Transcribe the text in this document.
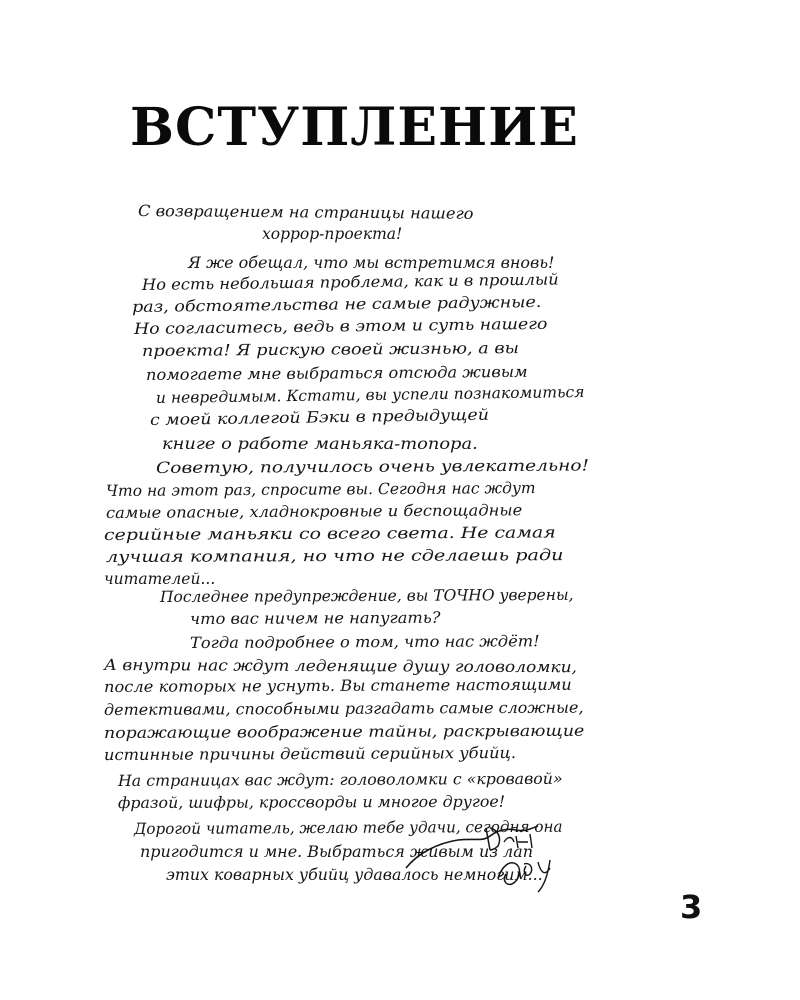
ВСТУПЛЕНИЕ
С возвращением на страницы нашего
хоррор-проекта!
Я же обещал, что мы встретимся вновь!
Но есть небольшая проблема, как и в прошлый
раз, обстоятельства не самые радужные.
Но согласитесь, ведь в этом и суть нашего
проекта! Я рискую своей жизнью, а вы
помогаете мне выбраться отсюда живым
и невредимым. Кстати, вы успели познакомиться
с моей коллегой Бэки в предыдущей
книге о работе маньяка-топора.
Советую, получилось очень увлекательно!
Что на этот раз, спросите вы. Сегодня нас ждут
самые опасные, хладнокровные и беспощадные
серийные маньяки со всего света. Не самая
лучшая компания, но что не сделаешь ради
читателей...
Последнее предупреждение, вы ТОЧНО уверены,
что вас ничем не напугать?
Тогда подробнее о том, что нас ждёт!
А внутри нас ждут леденящие душу головоломки,
после которых не уснуть. Вы станете настоящими
детективами, способными разгадать самые сложные,
поражающие воображение тайны, раскрывающие
истинные причины действий серийных убийц.
На страницах вас ждут: головоломки с «кровавой»
фразой, шифры, кроссворды и многое другое!
Дорогой читатель, желаю тебе удачи, сегодня она
пригодится и мне. Выбраться живым из лап
этих коварных убийц удавалось немногим...
3
